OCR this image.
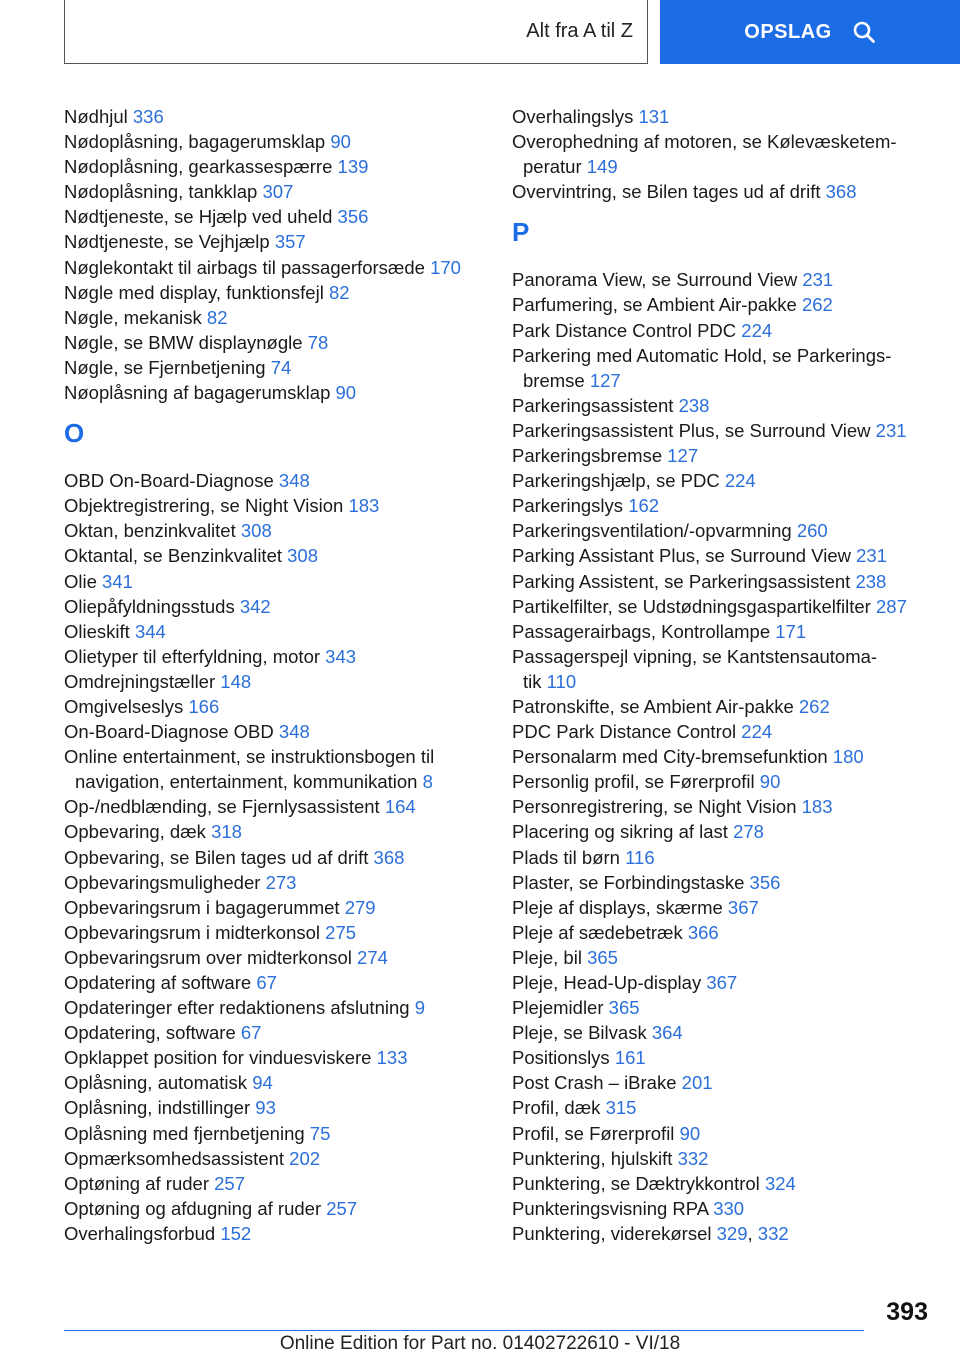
Alt fra A til Z	OPSLAG
Nødhjul 336
Nødoplåsning, bagagerumsklap 90
Nødoplåsning, gearkassespærre 139
Nødoplåsning, tankklap 307
Nødtjeneste, se Hjælp ved uheld 356
Nødtjeneste, se Vejhjælp 357
Nøglekontakt til airbags til passagerforsæde 170
Nøgle med display, funktionsfejl 82
Nøgle, mekanisk 82
Nøgle, se BMW displaynøgle 78
Nøgle, se Fjernbetjening 74
Nøoplåsning af bagagerumsklap 90
O
OBD On-Board-Diagnose 348
Objektregistrering, se Night Vision 183
Oktan, benzinkvalitet 308
Oktantal, se Benzinkvalitet 308
Olie 341
Oliepåfyldningsstuds 342
Olieskift 344
Olietyper til efterfyldning, motor 343
Omdrejningstæller 148
Omgivelseslys 166
On-Board-Diagnose OBD 348
Online entertainment, se instruktionsbogen til
navigation, entertainment, kommunikation 8
Op-/nedblænding, se Fjernlysassistent 164
Opbevaring, dæk 318
Opbevaring, se Bilen tages ud af drift 368
Opbevaringsmuligheder 273
Opbevaringsrum i bagagerummet 279
Opbevaringsrum i midterkonsol 275
Opbevaringsrum over midterkonsol 274
Opdatering af software 67
Opdateringer efter redaktionens afslutning 9
Opdatering, software 67
Opklappet position for vinduesviskere 133
Oplåsning, automatisk 94
Oplåsning, indstillinger 93
Oplåsning med fjernbetjening 75
Opmærksomhedsassistent 202
Optøning af ruder 257
Optøning og afdugning af ruder 257
Overhalingsforbud 152
Overhalingslys 131
Overophedning af motoren, se Kølevæsketem-
peratur 149
Overvintring, se Bilen tages ud af drift 368
P
Panorama View, se Surround View 231
Parfumering, se Ambient Air-pakke 262
Park Distance Control PDC 224
Parkering med Automatic Hold, se Parkerings-
bremse 127
Parkeringsassistent 238
Parkeringsassistent Plus, se Surround View 231
Parkeringsbremse 127
Parkeringshjælp, se PDC 224
Parkeringslys 162
Parkeringsventilation/-opvarmning 260
Parking Assistant Plus, se Surround View 231
Parking Assistent, se Parkeringsassistent 238
Partikelfilter, se Udstødningsgaspartikelfilter 287
Passagerairbags, Kontrollampe 171
Passagerspejl vipning, se Kantstensautoma-
tik 110
Patronskifte, se Ambient Air-pakke 262
PDC Park Distance Control 224
Personalarm med City-bremsefunktion 180
Personlig profil, se Førerprofil 90
Personregistrering, se Night Vision 183
Placering og sikring af last 278
Plads til børn 116
Plaster, se Forbindingstaske 356
Pleje af displays, skærme 367
Pleje af sædebetræk 366
Pleje, bil 365
Pleje, Head-Up-display 367
Plejemidler 365
Pleje, se Bilvask 364
Positionslys 161
Post Crash – iBrake 201
Profil, dæk 315
Profil, se Førerprofil 90
Punktering, hjulskift 332
Punktering, se Dæktrykkontrol 324
Punkteringsvisning RPA 330
Punktering, viderekørsel 329, 332
393
Online Edition for Part no. 01402722610 - VI/18
